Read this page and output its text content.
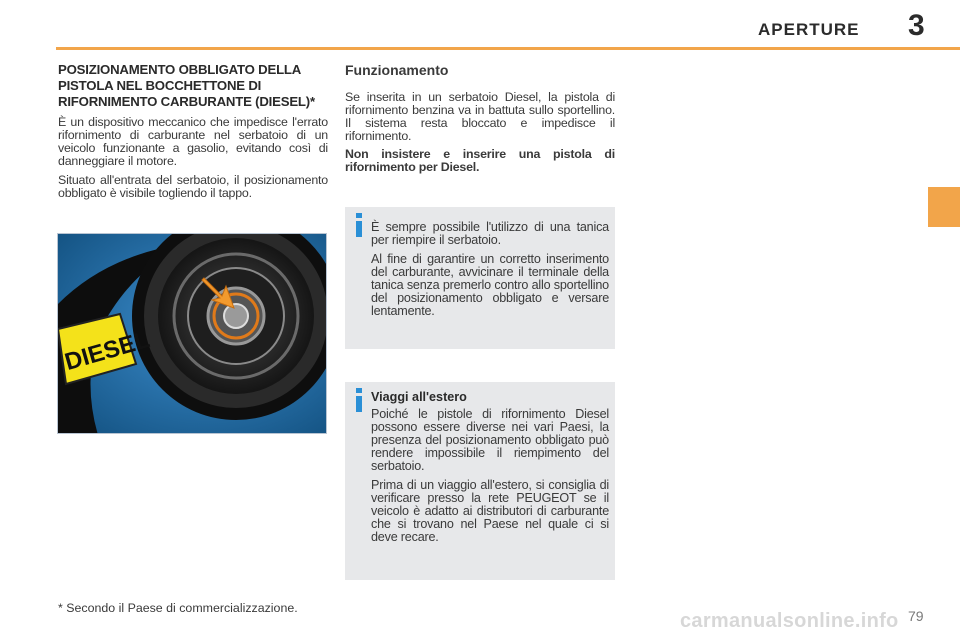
APERTURE 3
POSIZIONAMENTO OBBLIGATO DELLA PISTOLA NEL BOCCHETTONE DI RIFORNIMENTO CARBURANTE (DIESEL)*

È un dispositivo meccanico che impedisce l'errato rifornimento di carburante nel serbatoio di un veicolo funzionante a gasolio, evitando così di danneggiare il motore.

Situato all'entrata del serbatoio, il posizionamento obbligato è visibile togliendo il tappo.

DIESEL
Funzionamento

Se inserita in un serbatoio Diesel, la pistola di rifornimento benzina va in battuta sullo sportellino. Il sistema resta bloccato e impedisce il rifornimento.

Non insistere e inserire una pistola di rifornimento per Diesel.

È sempre possibile l'utilizzo di una tanica per riempire il serbatoio.

Al fine di garantire un corretto inserimento del carburante, avvicinare il terminale della tanica senza premerlo contro allo sportellino del posizionamento obbligato e versare lentamente.

Viaggi all'estero

Poiché le pistole di rifornimento Diesel possono essere diverse nei vari Paesi, la presenza del posizionamento obbligato può rendere impossibile il riempimento del serbatoio.

Prima di un viaggio all'estero, si consiglia di verificare presso la rete PEUGEOT se il veicolo è adatto ai distributori di carburante che si trovano nel Paese nel quale ci si deve recare.

* Secondo il Paese di commercializzazione.
carmanualsonline.info 79
